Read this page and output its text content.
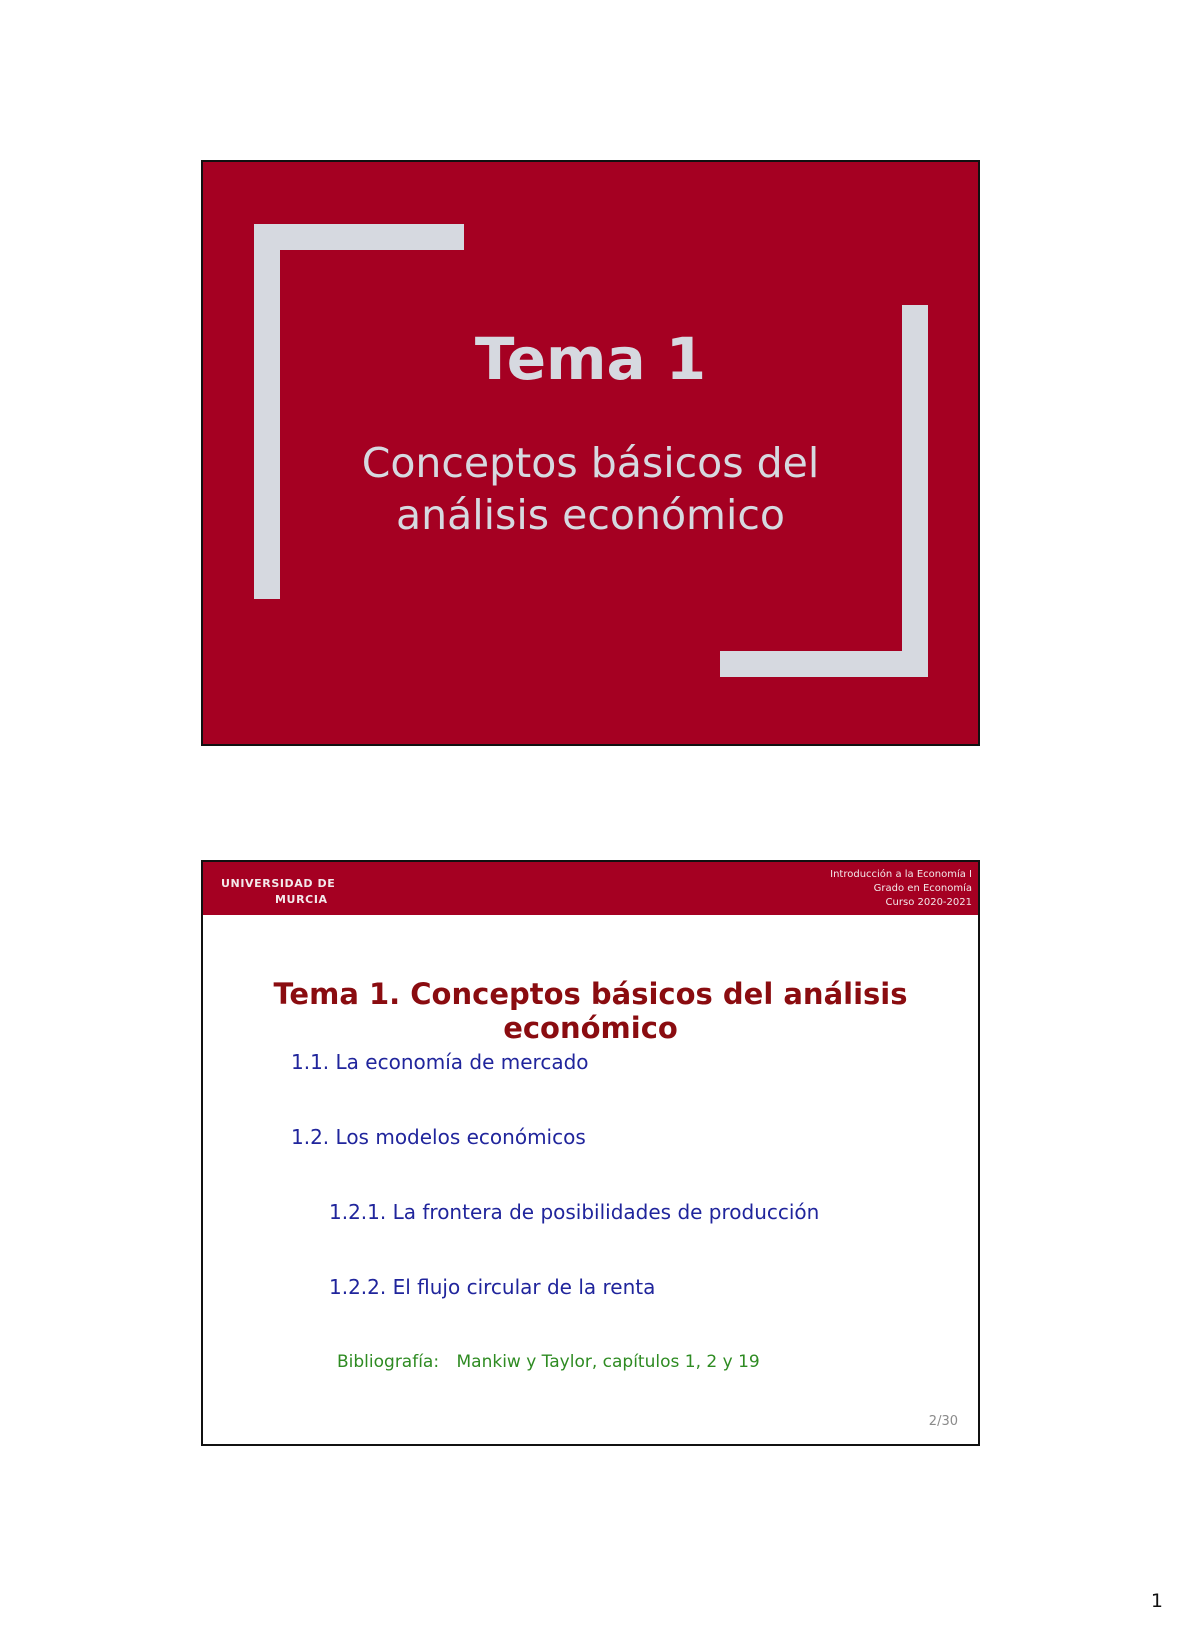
Tema 1
Conceptos básicos del
análisis económico
UNIVERSIDAD DE
MURCIA
Introducción a la Economía I
Grado en Economía
Curso 2020-2021
Tema 1. Conceptos básicos del análisis económico
1.1. La economía de mercado
1.2. Los modelos económicos
1.2.1. La frontera de posibilidades de producción
1.2.2. El flujo circular de la renta
Bibliografía: Mankiw y Taylor, capítulos 1, 2 y 19
2/30
1
